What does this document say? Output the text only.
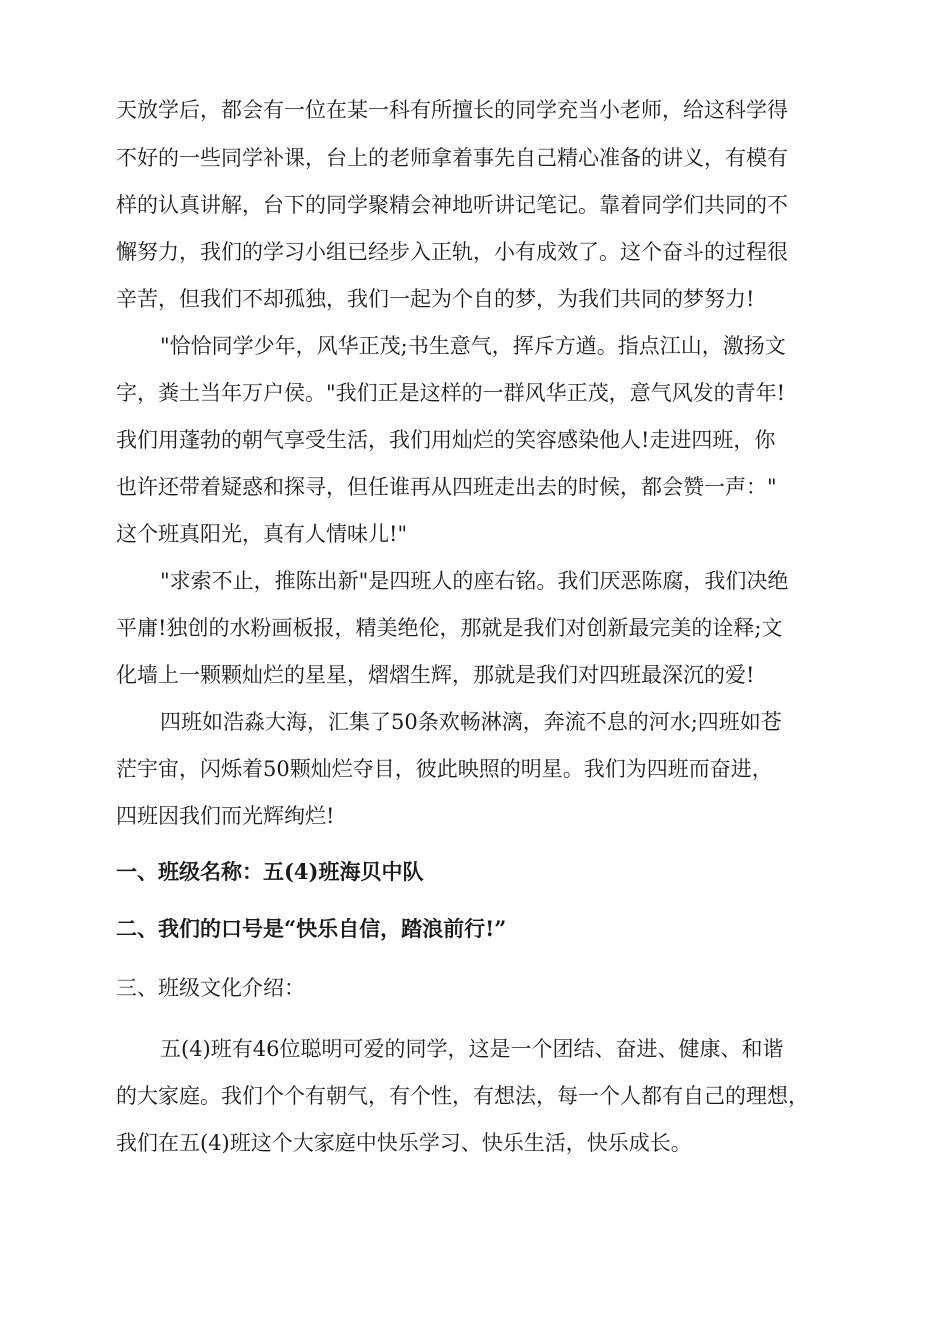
天放学后，都会有一位在某一科有所擅长的同学充当小老师，给这科学得
不好的一些同学补课，台上的老师拿着事先自己精心准备的讲义，有模有
样的认真讲解，台下的同学聚精会神地听讲记笔记。靠着同学们共同的不
懈努力，我们的学习小组已经步入正轨，小有成效了。这个奋斗的过程很
辛苦，但我们不却孤独，我们一起为个自的梦，为我们共同的梦努力!
"恰恰同学少年，风华正茂;书生意气，挥斥方遒。指点江山，激扬文
字，粪土当年万户侯。"我们正是这样的一群风华正茂，意气风发的青年!
我们用蓬勃的朝气享受生活，我们用灿烂的笑容感染他人!走进四班，你
也许还带着疑惑和探寻，但任谁再从四班走出去的时候，都会赞一声："
这个班真阳光，真有人情味儿!"
"求索不止，推陈出新"是四班人的座右铭。我们厌恶陈腐，我们决绝
平庸!独创的水粉画板报，精美绝伦，那就是我们对创新最完美的诠释;文
化墙上一颗颗灿烂的星星，熠熠生辉，那就是我们对四班最深沉的爱!
四班如浩淼大海，汇集了50条欢畅淋漓，奔流不息的河水;四班如苍
茫宇宙，闪烁着50颗灿烂夺目，彼此映照的明星。我们为四班而奋进，
四班因我们而光辉绚烂!
一、班级名称：五(4)班海贝中队
二、我们的口号是“快乐自信，踏浪前行!”
三、班级文化介绍：
五(4)班有46位聪明可爱的同学，这是一个团结、奋进、健康、和谐
的大家庭。我们个个有朝气，有个性，有想法，每一个人都有自己的理想，
我们在五(4)班这个大家庭中快乐学习、快乐生活，快乐成长。
